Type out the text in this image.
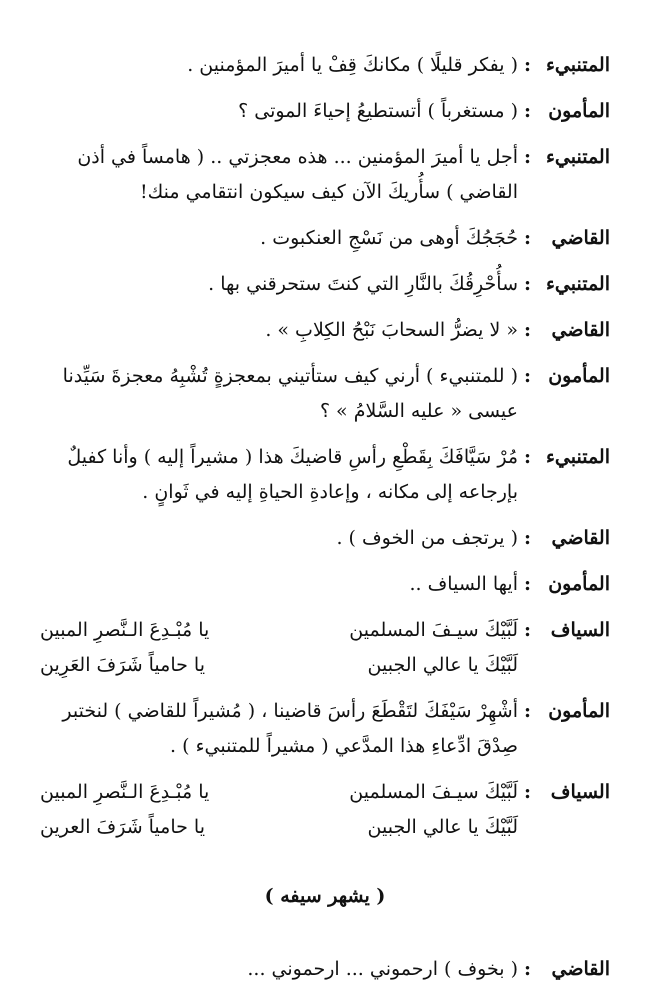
المتنبيء
:
( يفكر قليلًا ) مكانكَ قِفْ يا أميرَ المؤمنين .
المأمون
:
( مستغرباً ) أتستطيعُ إحياءَ الموتى ؟
المتنبيء
:
أجل يا أميرَ المؤمنين ... هذه معجزتي .. ( هامساً في أذن
القاضي ) سأُريكَ الآن كيف سيكون انتقامي منك!
القاضي
:
حُجَجُكَ أوهى من نَسْجِ العنكبوت .
المتنبيء
:
سأُحْرِقُكَ بالنَّارِ التي كنتَ ستحرقني بها .
القاضي
:
« لا يضرُّ السحابَ نَبْحُ الكِلابِ » .
المأمون
:
( للمتنبيء ) أرني كيف ستأتيني بمعجزةٍ تُشْبِهُ معجزةَ سَيِّدنا
عيسى « عليه السَّلامُ » ؟
المتنبيء
:
مُرْ سَيَّافَكَ بِقَطْعِ رأسِ قاضيكَ هذا ( مشيراً إليه ) وأنا كفيلٌ
بإرجاعه إلى مكانه ، وإعادةِ الحياةِ إليه في ثَوانٍ .
القاضي
:
( يرتجف من الخوف ) .
المأمون
:
أيها السياف ..
السياف
:
لَبَّيْكَ سيـفَ المسلمين
يا مُبْـدِعَ الـنَّصرِ المبين
لَبَّيْكَ يا عالي الجبين
يا حامياً شَرَفَ العَرِين
المأمون
:
أشْهِرْ سَيْفَكَ لتَقْطَعَ رأسَ قاضينا ، ( مُشيراً للقاضي ) لنختبر
صِدْقَ ادِّعاءِ هذا المدَّعي ( مشيراً للمتنبيء ) .
السياف
:
لَبَّيْكَ سيـفَ المسلمين
يا مُبْـدِعَ الـنَّصرِ المبين
لَبَّيْكَ يا عالي الجبين
يا حامياً شَرَفَ العرين
( يشهر سيفه )
القاضي
:
( بخوف ) ارحموني ... ارحموني ...
